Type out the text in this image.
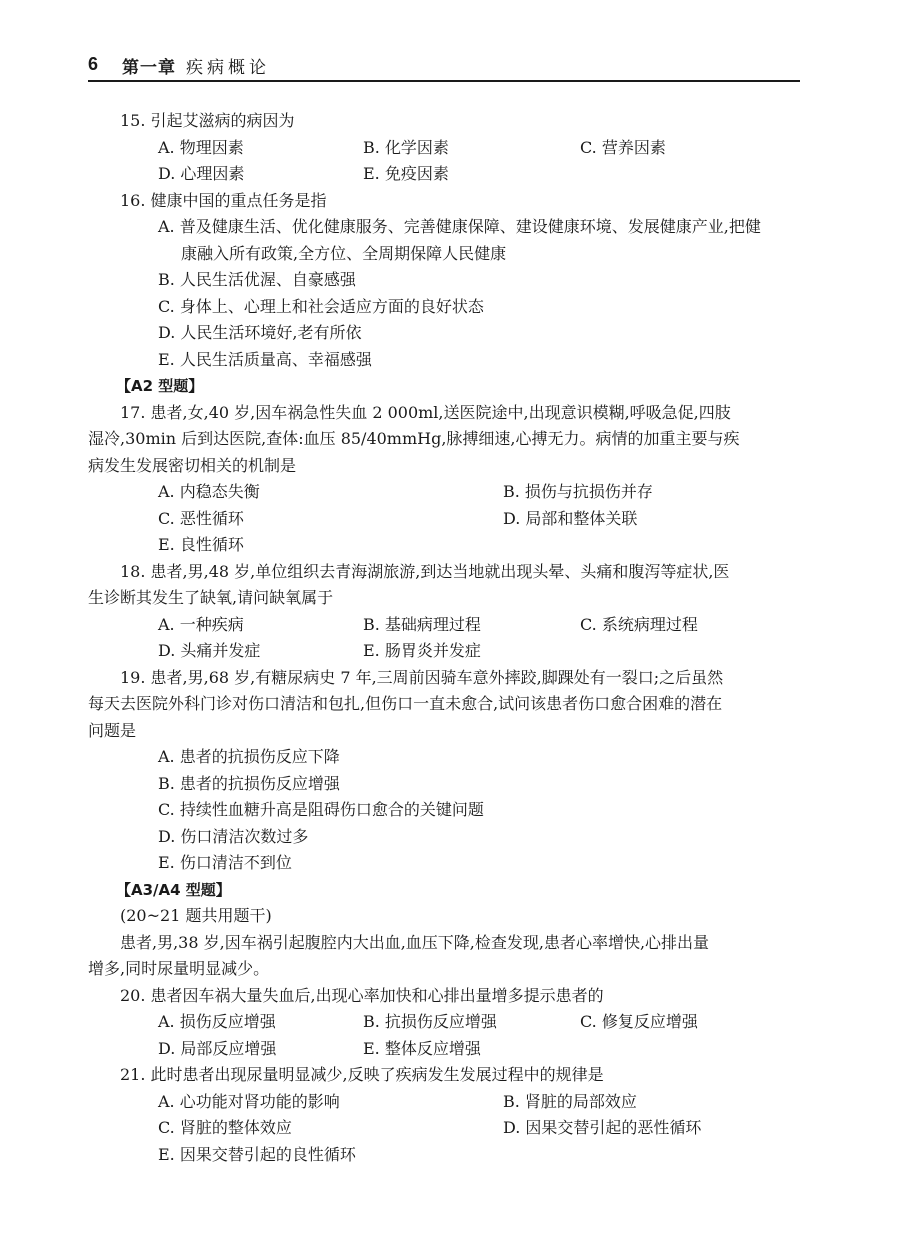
6 第一章 疾病概论
15. 引起艾滋病的病因为
A. 物理因素	B. 化学因素	C. 营养因素
D. 心理因素	E. 免疫因素
16. 健康中国的重点任务是指
A. 普及健康生活、优化健康服务、完善健康保障、建设健康环境、发展健康产业,把健
康融入所有政策,全方位、全周期保障人民健康
B. 人民生活优渥、自豪感强
C. 身体上、心理上和社会适应方面的良好状态
D. 人民生活环境好,老有所依
E. 人民生活质量高、幸福感强
【A2 型题】
17. 患者,女,40 岁,因车祸急性失血 2 000ml,送医院途中,出现意识模糊,呼吸急促,四肢
湿冷,30min 后到达医院,查体:血压 85/40mmHg,脉搏细速,心搏无力。病情的加重主要与疾
病发生发展密切相关的机制是
A. 内稳态失衡	B. 损伤与抗损伤并存
C. 恶性循环	D. 局部和整体关联
E. 良性循环
18. 患者,男,48 岁,单位组织去青海湖旅游,到达当地就出现头晕、头痛和腹泻等症状,医
生诊断其发生了缺氧,请问缺氧属于
A. 一种疾病	B. 基础病理过程	C. 系统病理过程
D. 头痛并发症	E. 肠胃炎并发症
19. 患者,男,68 岁,有糖尿病史 7 年,三周前因骑车意外摔跤,脚踝处有一裂口;之后虽然
每天去医院外科门诊对伤口清洁和包扎,但伤口一直未愈合,试问该患者伤口愈合困难的潜在
问题是
A. 患者的抗损伤反应下降
B. 患者的抗损伤反应增强
C. 持续性血糖升高是阻碍伤口愈合的关键问题
D. 伤口清洁次数过多
E. 伤口清洁不到位
【A3/A4 型题】
(20~21 题共用题干)
患者,男,38 岁,因车祸引起腹腔内大出血,血压下降,检查发现,患者心率增快,心排出量
增多,同时尿量明显减少。
20. 患者因车祸大量失血后,出现心率加快和心排出量增多提示患者的
A. 损伤反应增强	B. 抗损伤反应增强	C. 修复反应增强
D. 局部反应增强	E. 整体反应增强
21. 此时患者出现尿量明显减少,反映了疾病发生发展过程中的规律是
A. 心功能对肾功能的影响	B. 肾脏的局部效应
C. 肾脏的整体效应	D. 因果交替引起的恶性循环
E. 因果交替引起的良性循环
